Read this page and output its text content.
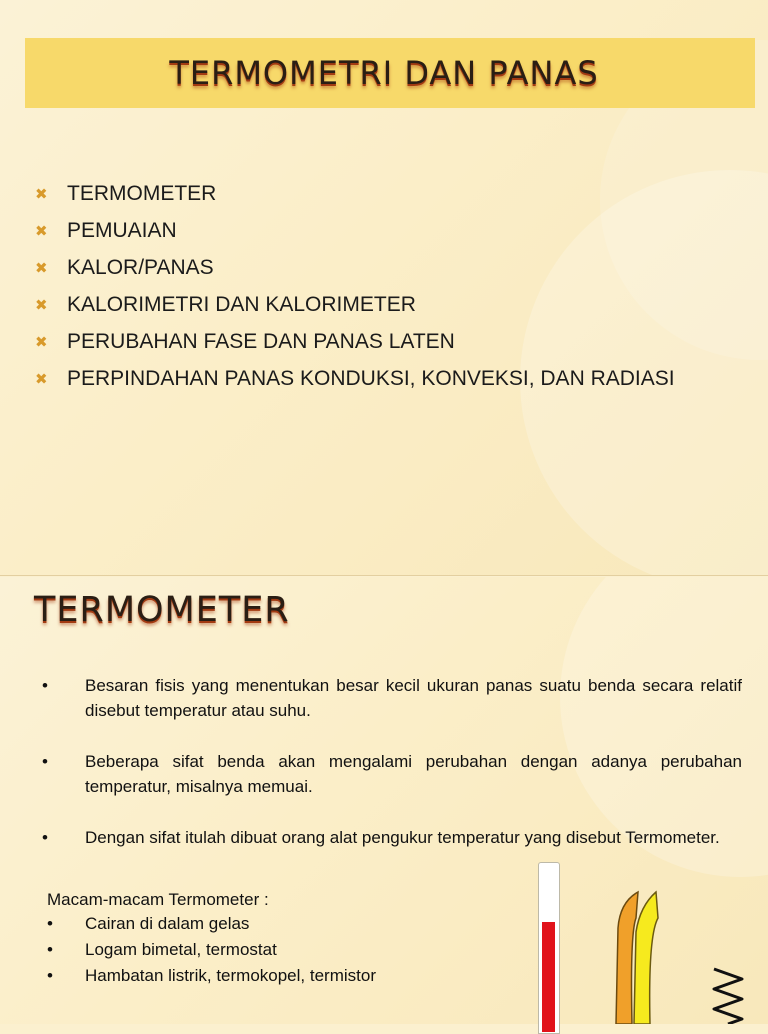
TERMOMETRI DAN PANAS
✖ TERMOMETER
✖ PEMUAIAN
✖ KALOR/PANAS
✖ KALORIMETRI DAN KALORIMETER
✖ PERUBAHAN FASE DAN PANAS LATEN
✖ PERPINDAHAN PANAS KONDUKSI, KONVEKSI, DAN RADIASI
TERMOMETER
• Besaran fisis yang menentukan besar kecil ukuran panas suatu benda secara relatif disebut temperatur atau suhu.
• Beberapa sifat benda akan mengalami perubahan dengan adanya perubahan temperatur, misalnya memuai.
• Dengan sifat itulah dibuat orang alat pengukur temperatur yang disebut Termometer.
Macam-macam Termometer :
•	Cairan di dalam gelas
•	Logam bimetal, termostat
•	Hambatan listrik, termokopel, termistor
